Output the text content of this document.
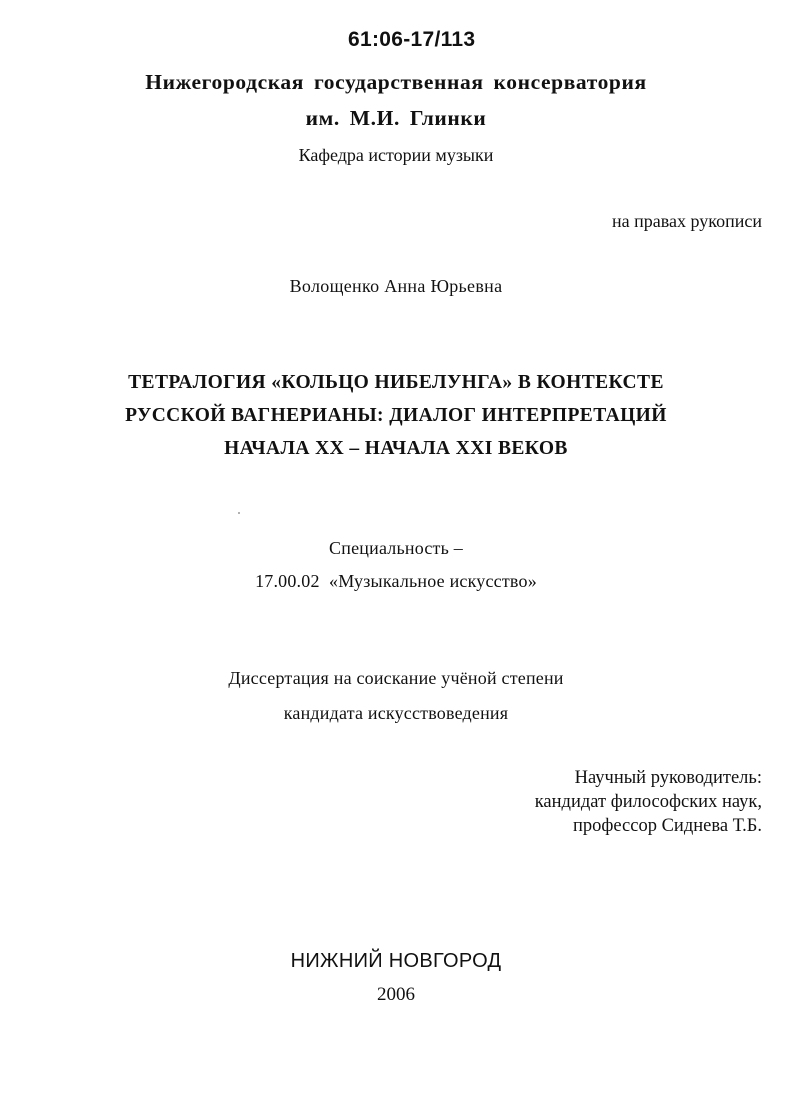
61:06-17/113
Нижегородская государственная консерватория
им. М.И. Глинки
Кафедра истории музыки
на правах рукописи
Волощенко Анна Юрьевна
ТЕТРАЛОГИЯ «КОЛЬЦО НИБЕЛУНГА» В КОНТЕКСТЕ
РУССКОЙ ВАГНЕРИАНЫ: ДИАЛОГ ИНТЕРПРЕТАЦИЙ
НАЧАЛА XX – НАЧАЛА XXI ВЕКОВ
Специальность –
17.00.02  «Музыкальное искусство»
Диссертация на соискание учёной степени
кандидата искусствоведения
Научный руководитель:
кандидат философских наук,
профессор Сиднева Т.Б.
НИЖНИЙ НОВГОРОД
2006
